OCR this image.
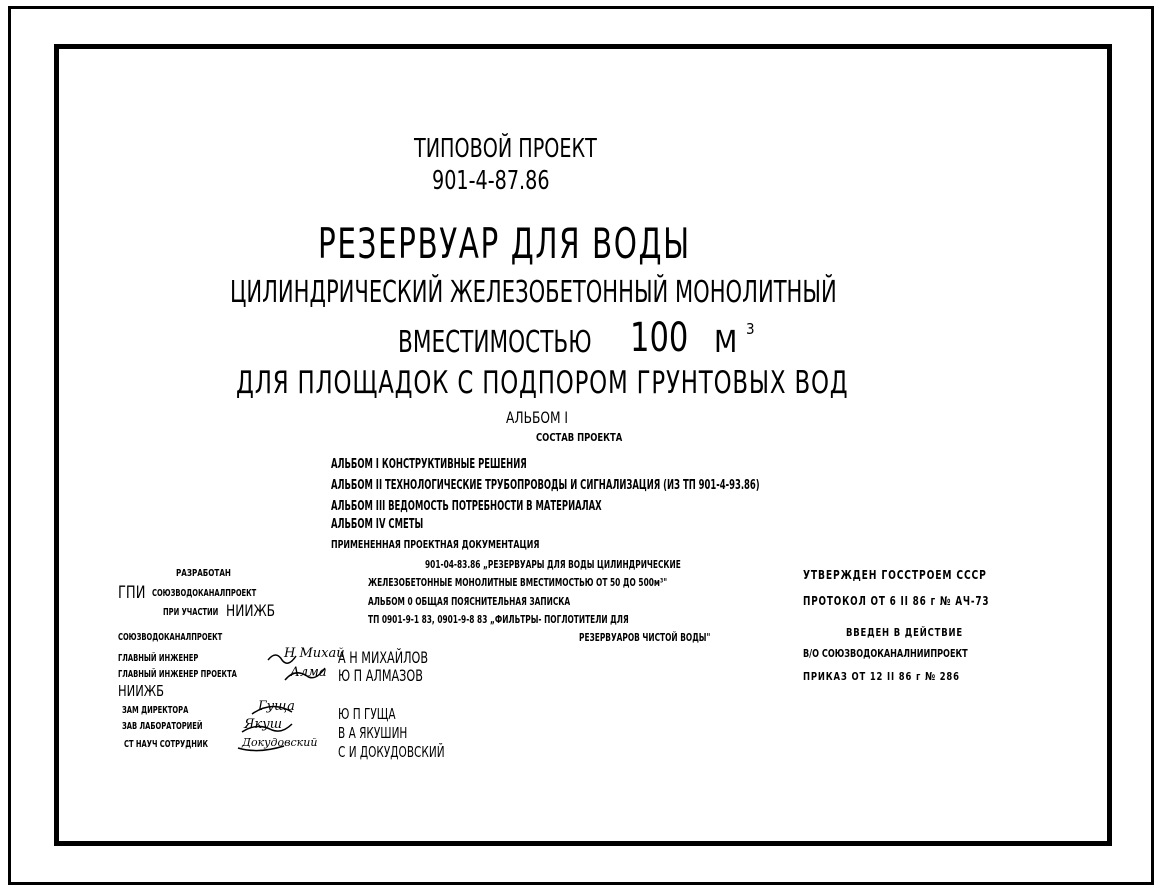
ТИПОВОЙ ПРОЕКТ
901-4-87.86
РЕЗЕРВУАР ДЛЯ ВОДЫ
ЦИЛИНДРИЧЕСКИЙ ЖЕЛЕЗОБЕТОННЫЙ МОНОЛИТНЫЙ
ВМЕСТИМОСТЬЮ 100 М 3
ДЛЯ ПЛОЩАДОК С ПОДПОРОМ ГРУНТОВЫХ ВОД
АЛЬБОМ I
СОСТАВ ПРОЕКТА
АЛЬБОМ I КОНСТРУКТИВНЫЕ РЕШЕНИЯ
АЛЬБОМ II ТЕХНОЛОГИЧЕСКИЕ ТРУБОПРОВОДЫ И СИГНАЛИЗАЦИЯ (ИЗ ТП 901-4-93.86)
АЛЬБОМ III ВЕДОМОСТЬ ПОТРЕБНОСТИ В МАТЕРИАЛАХ
АЛЬБОМ IV СМЕТЫ
ПРИМЕНЕННАЯ ПРОЕКТНАЯ ДОКУМЕНТАЦИЯ
901-04-83.86 „РЕЗЕРВУАРЫ ДЛЯ ВОДЫ ЦИЛИНДРИЧЕСКИЕ
ЖЕЛЕЗОБЕТОННЫЕ МОНОЛИТНЫЕ ВМЕСТИМОСТЬЮ ОТ 50 ДО 500м³"
АЛЬБОМ 0 ОБЩАЯ ПОЯСНИТЕЛЬНАЯ ЗАПИСКА
ТП 0901-9-1 83, 0901-9-8 83 „ФИЛЬТРЫ- ПОГЛОТИТЕЛИ ДЛЯ
РЕЗЕРВУАРОВ ЧИСТОЙ ВОДЫ"
РАЗРАБОТАН
ГПИ СОЮЗВОДОКАНАЛПРОЕКТ
ПРИ УЧАСТИИ НИИЖБ
СОЮЗВОДОКАНАЛПРОЕКТ
ГЛАВНЫЙ ИНЖЕНЕР
ГЛАВНЫЙ ИНЖЕНЕР ПРОЕКТА
НИИЖБ
ЗАМ ДИРЕКТОРА
ЗАВ ЛАБОРАТОРИЕЙ
СТ НАУЧ СОТРУДНИК
Н Михай
Алма
Гуща
Якуш
Докудовский
А Н МИХАЙЛОВ
Ю П АЛМАЗОВ
Ю П ГУЩА
В А ЯКУШИН
С И ДОКУДОВСКИЙ
УТВЕРЖДЕН ГОССТРОЕМ СССР
ПРОТОКОЛ ОТ 6 II 86 г № АЧ-73
ВВЕДЕН В ДЕЙСТВИЕ
В/О СОЮЗВОДОКАНАЛНИИПРОЕКТ
ПРИКАЗ ОТ 12 II 86 г № 286
